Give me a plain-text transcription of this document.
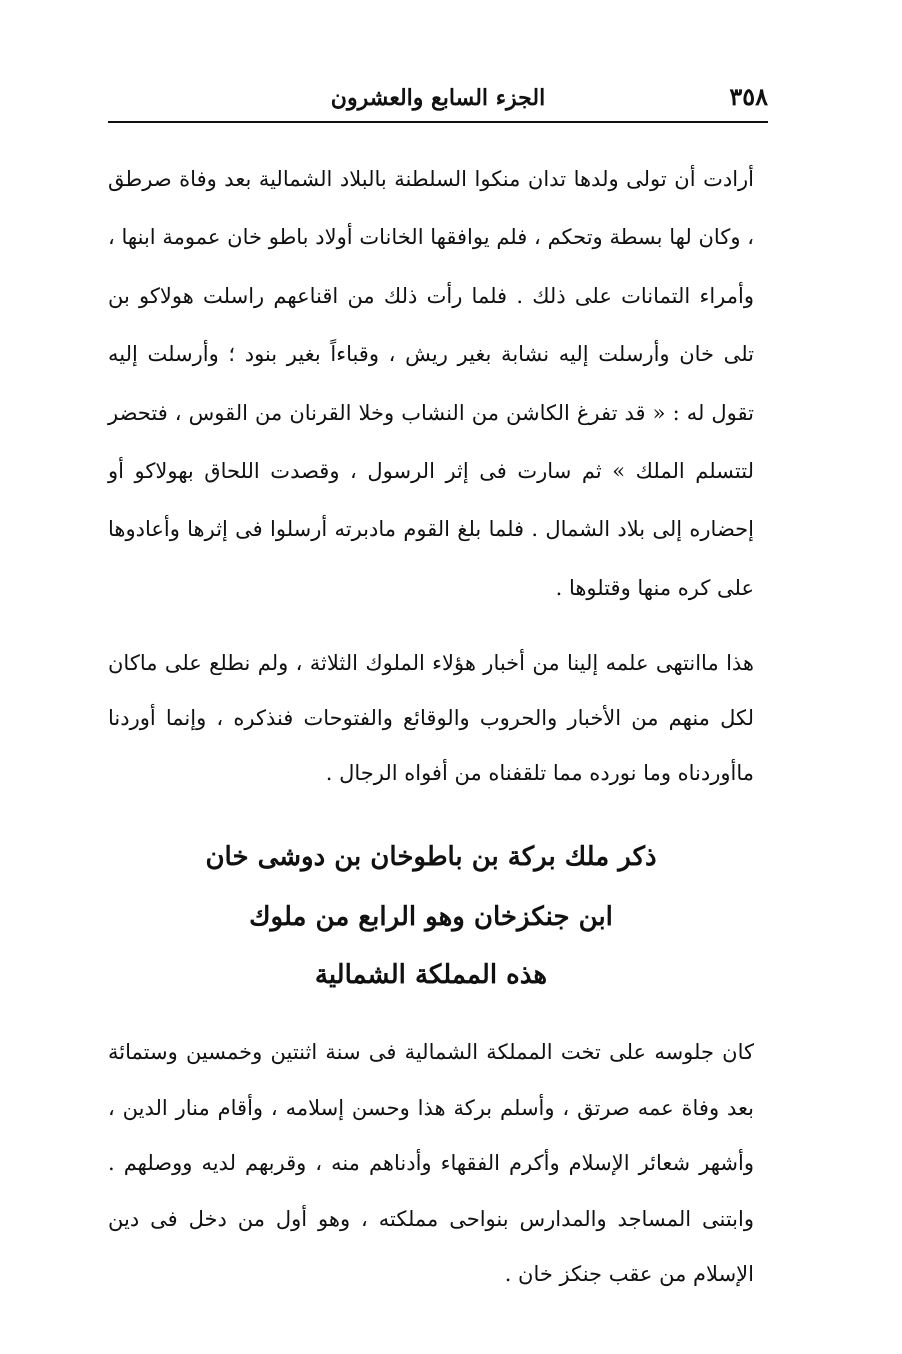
٣٥٨
الجزء السابع والعشرون

أرادت أن تولى ولدها تدان منكوا السلطنة بالبلاد الشمالية بعد وفاة صرطق ، وكان لها بسطة وتحكم ، فلم يوافقها الخانات أولاد باطو خان عمومة ابنها ، وأمراء التمانات على ذلك . فلما رأت ذلك من اقناعهم راسلت هولاكو بن تلى خان وأرسلت إليه نشابة بغير ريش ، وقباءاً بغير بنود ؛ وأرسلت إليه تقول له : « قد تفرغ الكاشن من النشاب وخلا القرنان من القوس ، فتحضر لتتسلم الملك » ثم سارت فى إثر الرسول ، وقصدت اللحاق بهولاكو أو إحضاره إلى بلاد الشمال . فلما بلغ القوم مادبرته أرسلوا فى إثرها وأعادوها على كره منها وقتلوها .

هذا ماانتهى علمه إلينا من أخبار هؤلاء الملوك الثلاثة ، ولم نطلع على ماكان لكل منهم من الأخبار والحروب والوقائع والفتوحات فنذكره ، وإنما أوردنا ماأوردناه وما نورده مما تلقفناه من أفواه الرجال .

ذكر ملك بركة بن باطوخان بن دوشى خان
ابن جنكزخان وهو الرابع من ملوك
هذه المملكة الشمالية

كان جلوسه على تخت المملكة الشمالية فى سنة اثنتين وخمسين وستمائة بعد وفاة عمه صرتق ، وأسلم بركة هذا وحسن إسلامه ، وأقام منار الدين ، وأشهر شعائر الإسلام وأكرم الفقهاء وأدناهم منه ، وقربهم لديه ووصلهم . وابتنى المساجد والمدارس بنواحى مملكته ، وهو أول من دخل فى دين الإسلام من عقب جنكز خان .
